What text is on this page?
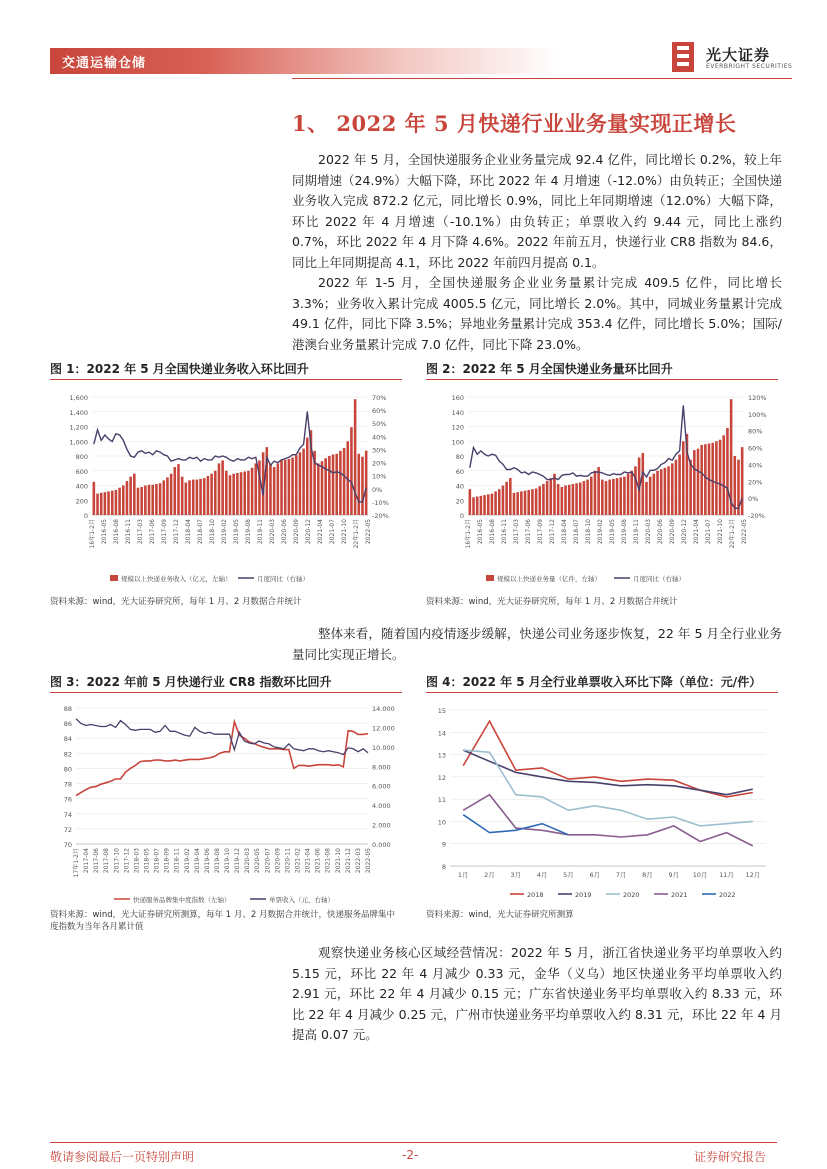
交通运输仓储	光大证券
EVERBRIGHT SECURITIES
1、 2022 年 5 月快递行业业务量实现正增长
2022 年 5 月，全国快递服务企业业务量完成 92.4 亿件，同比增长 0.2%，较上年同期增速（24.9%）大幅下降，环比 2022 年 4 月增速（-12.0%）由负转正；全国快递业务收入完成 872.2 亿元，同比增长 0.9%，同比上年同期增速（12.0%）大幅下降，环比 2022 年 4 月增速（-10.1%）由负转正；单票收入约 9.44 元，同比上涨约 0.7%，环比 2022 年 4 月下降 4.6%。2022 年前五月，快递行业 CR8 指数为 84.6，同比上年同期提高 4.1，环比 2022 年前四月提高 0.1。
2022 年 1-5 月，全国快递服务企业业务量累计完成 409.5 亿件，同比增长 3.3%；业务收入累计完成 4005.5 亿元，同比增长 2.0%。其中，同城业务量累计完成 49.1 亿件，同比下降 3.5%；异地业务量累计完成 353.4 亿件，同比增长 5.0%；国际/港澳台业务量累计完成 7.0 亿件，同比下降 23.0%。
图 1：2022 年 5 月全国快递业务收入环比回升
0
200
400
600
800
1,000
1,200
1,400
1,600
-20%
-10%
0%
10%
20%
30%
40%
50%
60%
70%
16年1-2月 2016-05 2016-08 2016-11 2017-03 2017-06 2017-09 2017-12 2018-04 2018-07 2018-10 2019-02 2019-05 2019-08 2019-11 2020-03 2020-06 2020-09 2020-12 2021-04 2021-07 2021-10 22年1-2月 2022-05
规模以上快递业务收入（亿元，左轴）	月度同比（右轴）
资料来源：wind，光大证券研究所，每年 1 月、2 月数据合并统计
图 2：2022 年 5 月全国快递业务量环比回升
0
20
40
60
80
100
120
140
160
-20%
0%
20%
40%
60%
80%
100%
120%
16年1-2月 2016-05 2016-08 2016-11 2017-03 2017-06 2017-09 2017-12 2018-04 2018-07 2018-10 2019-02 2019-05 2019-08 2019-11 2020-03 2020-06 2020-09 2020-12 2021-04 2021-07 2021-10 22年1-2月 2022-05
规模以上快递业务量（亿件，左轴）	月度同比（右轴）
资料来源：wind，光大证券研究所，每年 1 月、2 月数据合并统计
整体来看，随着国内疫情逐步缓解，快递公司业务逐步恢复，22 年 5 月全行业业务量同比实现正增长。
图 3：2022 年前 5 月快递行业 CR8 指数环比回升
70
72
74
76
78
80
82
84
86
88
0.000
2.000
4.000
6.000
8.000
10.000
12.000
14.000
17年1-2月 2017-04 2017-06 2017-08 2017-10 2017-12 2018-03 2018-05 2018-07 2018-09 2018-11 2019-02 2019-04 2019-06 2019-08 2019-10 2019-12 2020-03 2020-05 2020-07 2020-09 2020-11 2021-02 2021-04 2021-06 2021-08 2021-10 2021-12 2022-03 2022-05
快递服务品牌集中度指数（左轴）	单票收入（元，右轴）
资料来源：wind，光大证券研究所测算，每年 1 月、2 月数据合并统计，快递服务品牌集中度指数为当年各月累计值
图 4：2022 年 5 月全行业单票收入环比下降（单位：元/件）
8
9
10
11
12
13
14
15
1月 2月 3月 4月 5月 6月 7月 8月 9月 10月 11月 12月
2018	2019	2020	2021	2022
资料来源：wind，光大证券研究所测算
观察快递业务核心区域经营情况：2022 年 5 月，浙江省快递业务平均单票收入约 5.15 元，环比 22 年 4 月减少 0.33 元，金华（义乌）地区快递业务平均单票收入约 2.91 元，环比 22 年 4 月减少 0.15 元；广东省快递业务平均单票收入约 8.33 元，环比 22 年 4 月减少 0.25 元，广州市快递业务平均单票收入约 8.31 元，环比 22 年 4 月提高 0.07 元。
敬请参阅最后一页特别声明	-2-	证券研究报告
